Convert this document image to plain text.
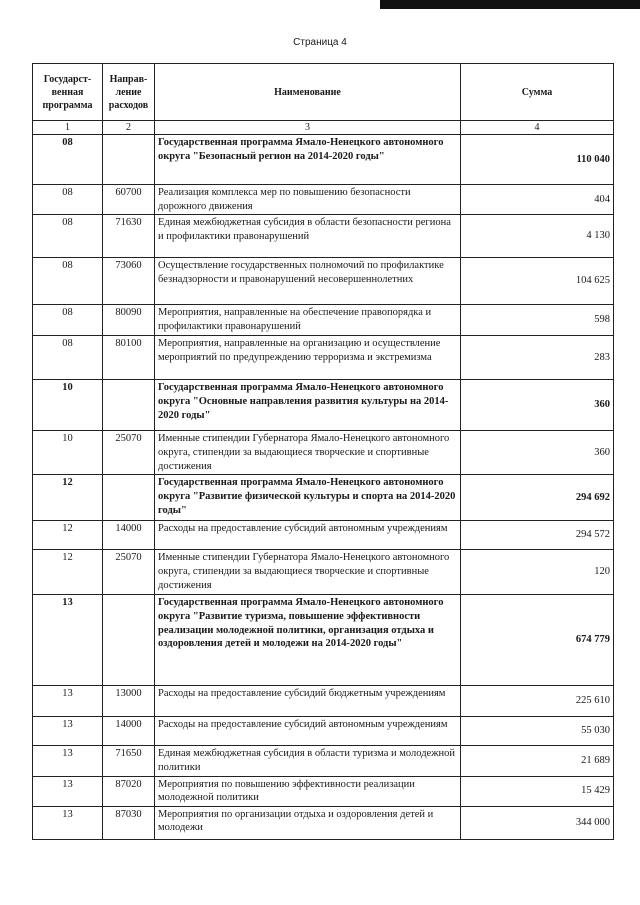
Страница 4
Государст-венная программа	Направ-ление расходов	Наименование	Сумма
1	2	3	4
08		Государственная программа Ямало-Ненецкого автономного округа "Безопасный регион на 2014-2020 годы"	110 040
08	60700	Реализация комплекса мер по повышению безопасности дорожного движения	404
08	71630	Единая межбюджетная субсидия в области безопасности региона и профилактики правонарушений	4 130
08	73060	Осуществление государственных полномочий по профилактике безнадзорности и правонарушений несовершеннолетних	104 625
08	80090	Мероприятия, направленные на обеспечение правопорядка и профилактики правонарушений	598
08	80100	Мероприятия, направленные на организацию и осуществление мероприятий по предупреждению терроризма и экстремизма	283
10		Государственная программа Ямало-Ненецкого автономного округа "Основные направления развития культуры на 2014-2020 годы"	360
10	25070	Именные стипендии Губернатора Ямало-Ненецкого автономного округа, стипендии за выдающиеся творческие и спортивные достижения	360
12		Государственная программа Ямало-Ненецкого автономного округа "Развитие физической культуры и спорта на 2014-2020 годы"	294 692
12	14000	Расходы на предоставление субсидий автономным учреждениям	294 572
12	25070	Именные стипендии Губернатора Ямало-Ненецкого автономного округа, стипендии за выдающиеся творческие и спортивные достижения	120
13		Государственная программа Ямало-Ненецкого автономного округа "Развитие туризма, повышение эффективности реализации молодежной политики, организация отдыха и оздоровления детей и молодежи на 2014-2020 годы"	674 779
13	13000	Расходы на предоставление субсидий бюджетным учреждениям	225 610
13	14000	Расходы на предоставление субсидий автономным учреждениям	55 030
13	71650	Единая межбюджетная субсидия в области туризма и молодежной политики	21 689
13	87020	Мероприятия по повышению эффективности реализации молодежной политики	15 429
13	87030	Мероприятия по организации отдыха и оздоровления детей и молодежи	344 000
